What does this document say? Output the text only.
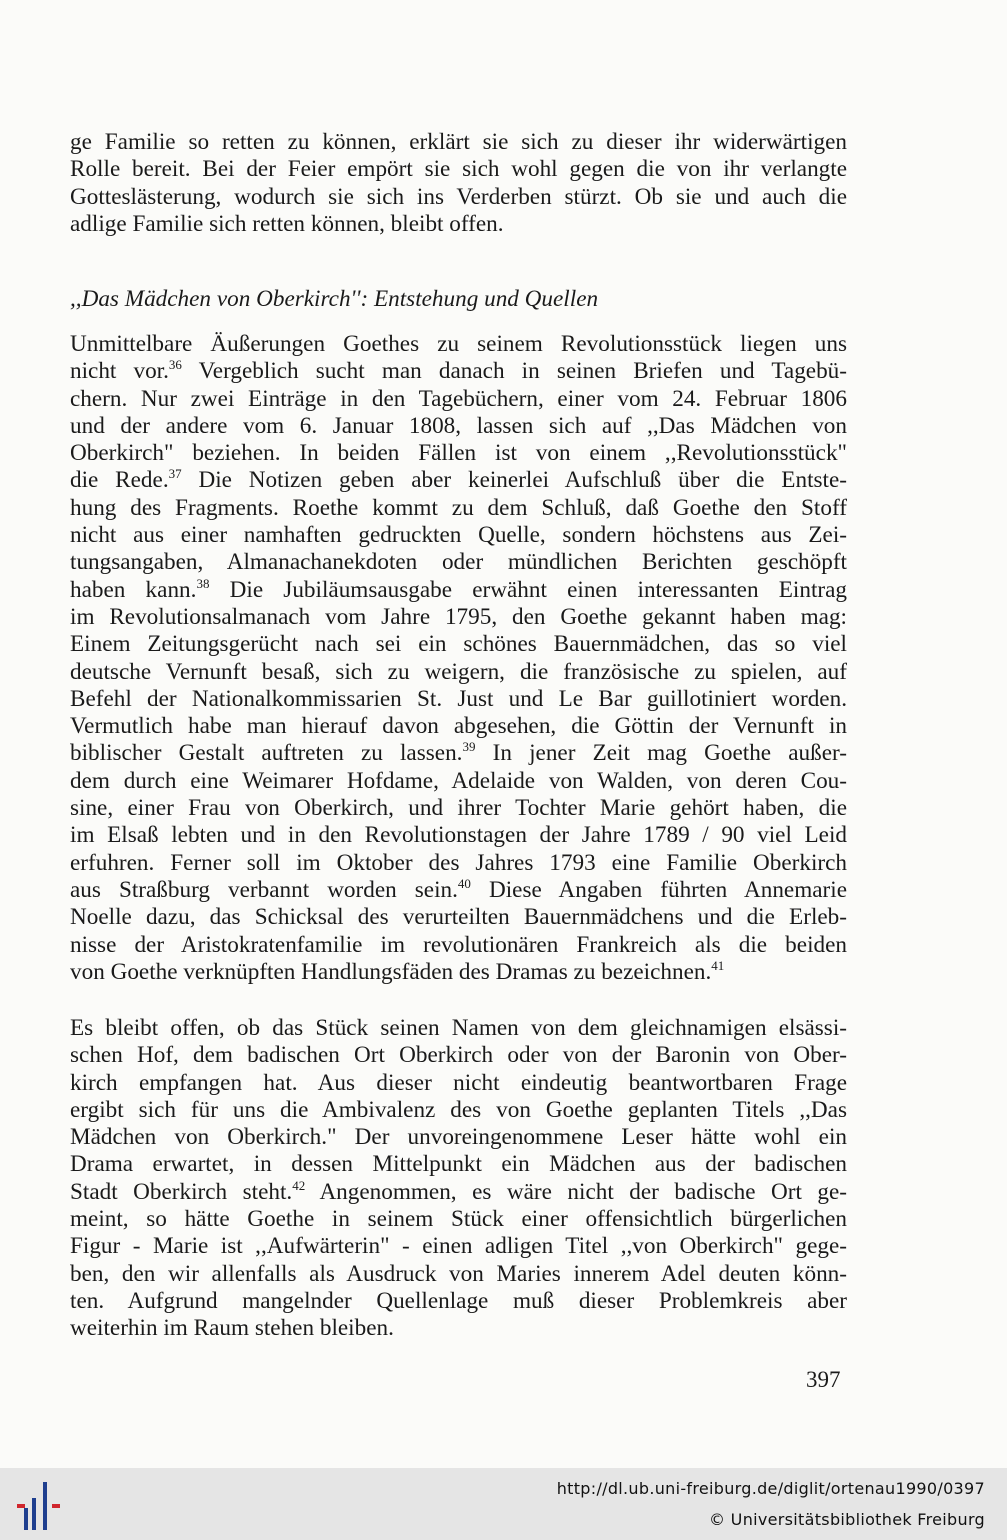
ge Familie so retten zu können, erklärt sie sich zu dieser ihr widerwärtigen
Rolle bereit. Bei der Feier empört sie sich wohl gegen die von ihr verlangte
Gotteslästerung, wodurch sie sich ins Verderben stürzt. Ob sie und auch die
adlige Familie sich retten können, bleibt offen.
,,Das Mädchen von Oberkirch'': Entstehung und Quellen
Unmittelbare Äußerungen Goethes zu seinem Revolutionsstück liegen uns
nicht vor.$^{36}$ Vergeblich sucht man danach in seinen Briefen und Tagebü-
chern. Nur zwei Einträge in den Tagebüchern, einer vom 24. Februar 1806
und der andere vom 6. Januar 1808, lassen sich auf ,,Das Mädchen von
Oberkirch" beziehen. In beiden Fällen ist von einem ,,Revolutionsstück"
die Rede.$^{37}$ Die Notizen geben aber keinerlei Aufschluß über die Entste-
hung des Fragments. Roethe kommt zu dem Schluß, daß Goethe den Stoff
nicht aus einer namhaften gedruckten Quelle, sondern höchstens aus Zei-
tungsangaben, Almanachanekdoten oder mündlichen Berichten geschöpft
haben kann.$^{38}$ Die Jubiläumsausgabe erwähnt einen interessanten Eintrag
im Revolutionsalmanach vom Jahre 1795, den Goethe gekannt haben mag:
Einem Zeitungsgerücht nach sei ein schönes Bauernmädchen, das so viel
deutsche Vernunft besaß, sich zu weigern, die französische zu spielen, auf
Befehl der Nationalkommissarien St. Just und Le Bar guillotiniert worden.
Vermutlich habe man hierauf davon abgesehen, die Göttin der Vernunft in
biblischer Gestalt auftreten zu lassen.$^{39}$ In jener Zeit mag Goethe außer-
dem durch eine Weimarer Hofdame, Adelaide von Walden, von deren Cou-
sine, einer Frau von Oberkirch, und ihrer Tochter Marie gehört haben, die
im Elsaß lebten und in den Revolutionstagen der Jahre 1789 / 90 viel Leid
erfuhren. Ferner soll im Oktober des Jahres 1793 eine Familie Oberkirch
aus Straßburg verbannt worden sein.$^{40}$ Diese Angaben führten Annemarie
Noelle dazu, das Schicksal des verurteilten Bauernmädchens und die Erleb-
nisse der Aristokratenfamilie im revolutionären Frankreich als die beiden
von Goethe verknüpften Handlungsfäden des Dramas zu bezeichnen.$^{41}$
Es bleibt offen, ob das Stück seinen Namen von dem gleichnamigen elsässi-
schen Hof, dem badischen Ort Oberkirch oder von der Baronin von Ober-
kirch empfangen hat. Aus dieser nicht eindeutig beantwortbaren Frage
ergibt sich für uns die Ambivalenz des von Goethe geplanten Titels ,,Das
Mädchen von Oberkirch." Der unvoreingenommene Leser hätte wohl ein
Drama erwartet, in dessen Mittelpunkt ein Mädchen aus der badischen
Stadt Oberkirch steht.$^{42}$ Angenommen, es wäre nicht der badische Ort ge-
meint, so hätte Goethe in seinem Stück einer offensichtlich bürgerlichen
Figur - Marie ist ,,Aufwärterin" - einen adligen Titel ,,von Oberkirch" gege-
ben, den wir allenfalls als Ausdruck von Maries innerem Adel deuten könn-
ten. Aufgrund mangelnder Quellenlage muß dieser Problemkreis aber
weiterhin im Raum stehen bleiben.
397
http://dl.ub.uni-freiburg.de/diglit/ortenau1990/0397
© Universitätsbibliothek Freiburg
